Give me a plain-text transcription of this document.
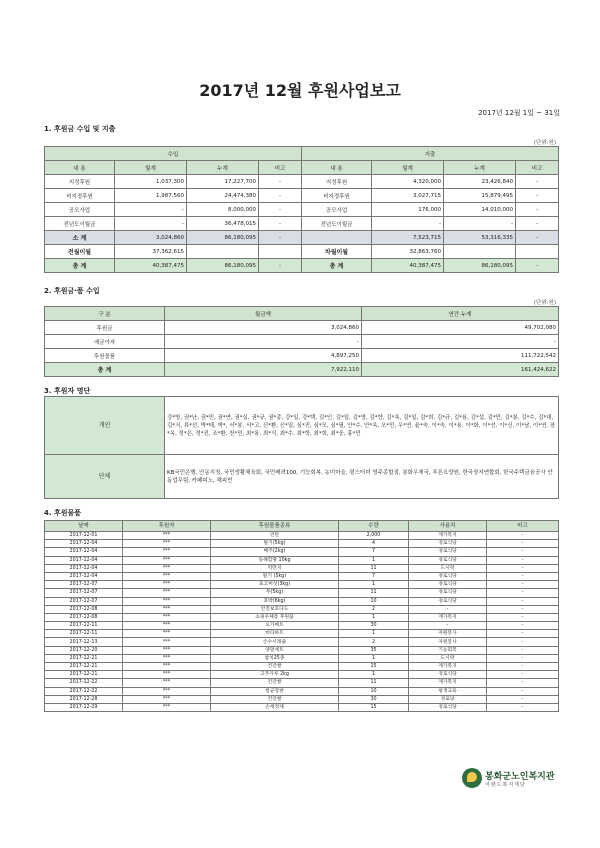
2017년 12월 후원사업보고
2017년 12월 1일 ~ 31일
1. 후원금 수입 및 지출
(단위:원)
수입				지출			
내 용	월계	누계	비고	내 용	월계	누계	비고
지정후원	1,037,300	17,227,700	-	지정후원	4,320,000	23,426,840	-
비지정후원	1,987,560	24,474,380	-	비지정후원	3,027,715	15,879,495	-
공모사업	-	8,000,000	-	공모사업	176,000	14,010,000	-
전년도이월금	-	36,478,015	-	전년도이월금	-	-	-
소 계	3,024,860	86,180,095	-		7,523,715	53,316,335	-
전월이월	37,362,615			차월이월	32,863,760		
총 계	40,387,475	86,180,095	-	총 계	40,387,475	86,180,095	-
2. 후원금·품 수입
(단위:원)
구 분	월금액	연간 누계
후원금	3,024,860	49,702,080
예금이자	-	-
후원물품	4,897,250	111,722,542
총 계	7,922,110	161,424,622
3. 후원자 명단
개인	강*방, 권*난, 권*민, 권*연, 권*실, 권*규, 권*종, 강*일, 강*택, 김*인, 김*일, 김*영, 김*향, 김*옥, 김*일, 김*희, 김*규, 김*용, 김*섭, 김*민, 김*봉, 김*수, 김*대, 김*식, 류*선, 박*태, 박*, 서*봉, 서*고, 신*환, 신*일, 심*진, 심*모, 심*필, 안*수, 안*옥, 오*민, 우*연, 윤*숙, 이*숙, 이*용, 이*화, 이*선, 이*신, 이*남, 이*연, 장*옥, 정*은, 정*진, 조*환, 천*민, 최*용, 최*식, 최*수, 최*학, 최*희, 최*웅, 홍*민
단체	KB국민은행, 안동지청, 국민생활체육회, 국민배려100, 기능회복, 농미마을, 핑스터미 영주종합점, 봉화우체국, 푸른요양원, 한국장지연합회, 한국주택금융공사 안동업무팀, 카페피노, 해피빈
4. 후원물품
날짜	후원자	후원물품종류	수량	사용처	비고
2017-12-01	***	연탄	2,000	재가복지	-
2017-12-04	***	딸기(5kg)	4	경로식당	-
2017-12-04	***	배추(2kg)	7	경로식당	-
2017-12-04	***	동해합땅 10kg	1	경로식당	-
2017-12-04	***	떡만지	11	도시락	-
2017-12-04	***	딸기 (5kg)	7	경로식당	-
2017-12-07	***	표고버섯(3kg)	1	경로식당	-
2017-12-07	***	무(5kg)	11	경로식당	-
2017-12-07	***	호박(6kg)	10	경로식당	-
2017-12-08	***	안전보호다도	2	-	-
2017-12-08	***	쇼핑우체통 후원품	1	재가복지	-
2017-12-11	***	요가매트	30	-	-
2017-12-11	***	비타하트	1	자원봉사	-
2017-12-13	***	손수시래줄	2	자원봉사	-
2017-12-20	***	양말세트	35	기능회복	-
2017-12-21	***	참치25종	1	도시락	-
2017-12-21	***	건강쌀	15	재가복지	-
2017-12-21	***	고추가루 2kg	1	경로식당	-
2017-12-22	***	건강쌀	11	재가복지	-
2017-12-22	***	항균장판	10	평생교육	-
2017-12-28	***	건강쌀	30	경로당	-
2017-12-29	***	손세정제	15	경로식당	-
봉화군노인복지관
이랜드복지재단
